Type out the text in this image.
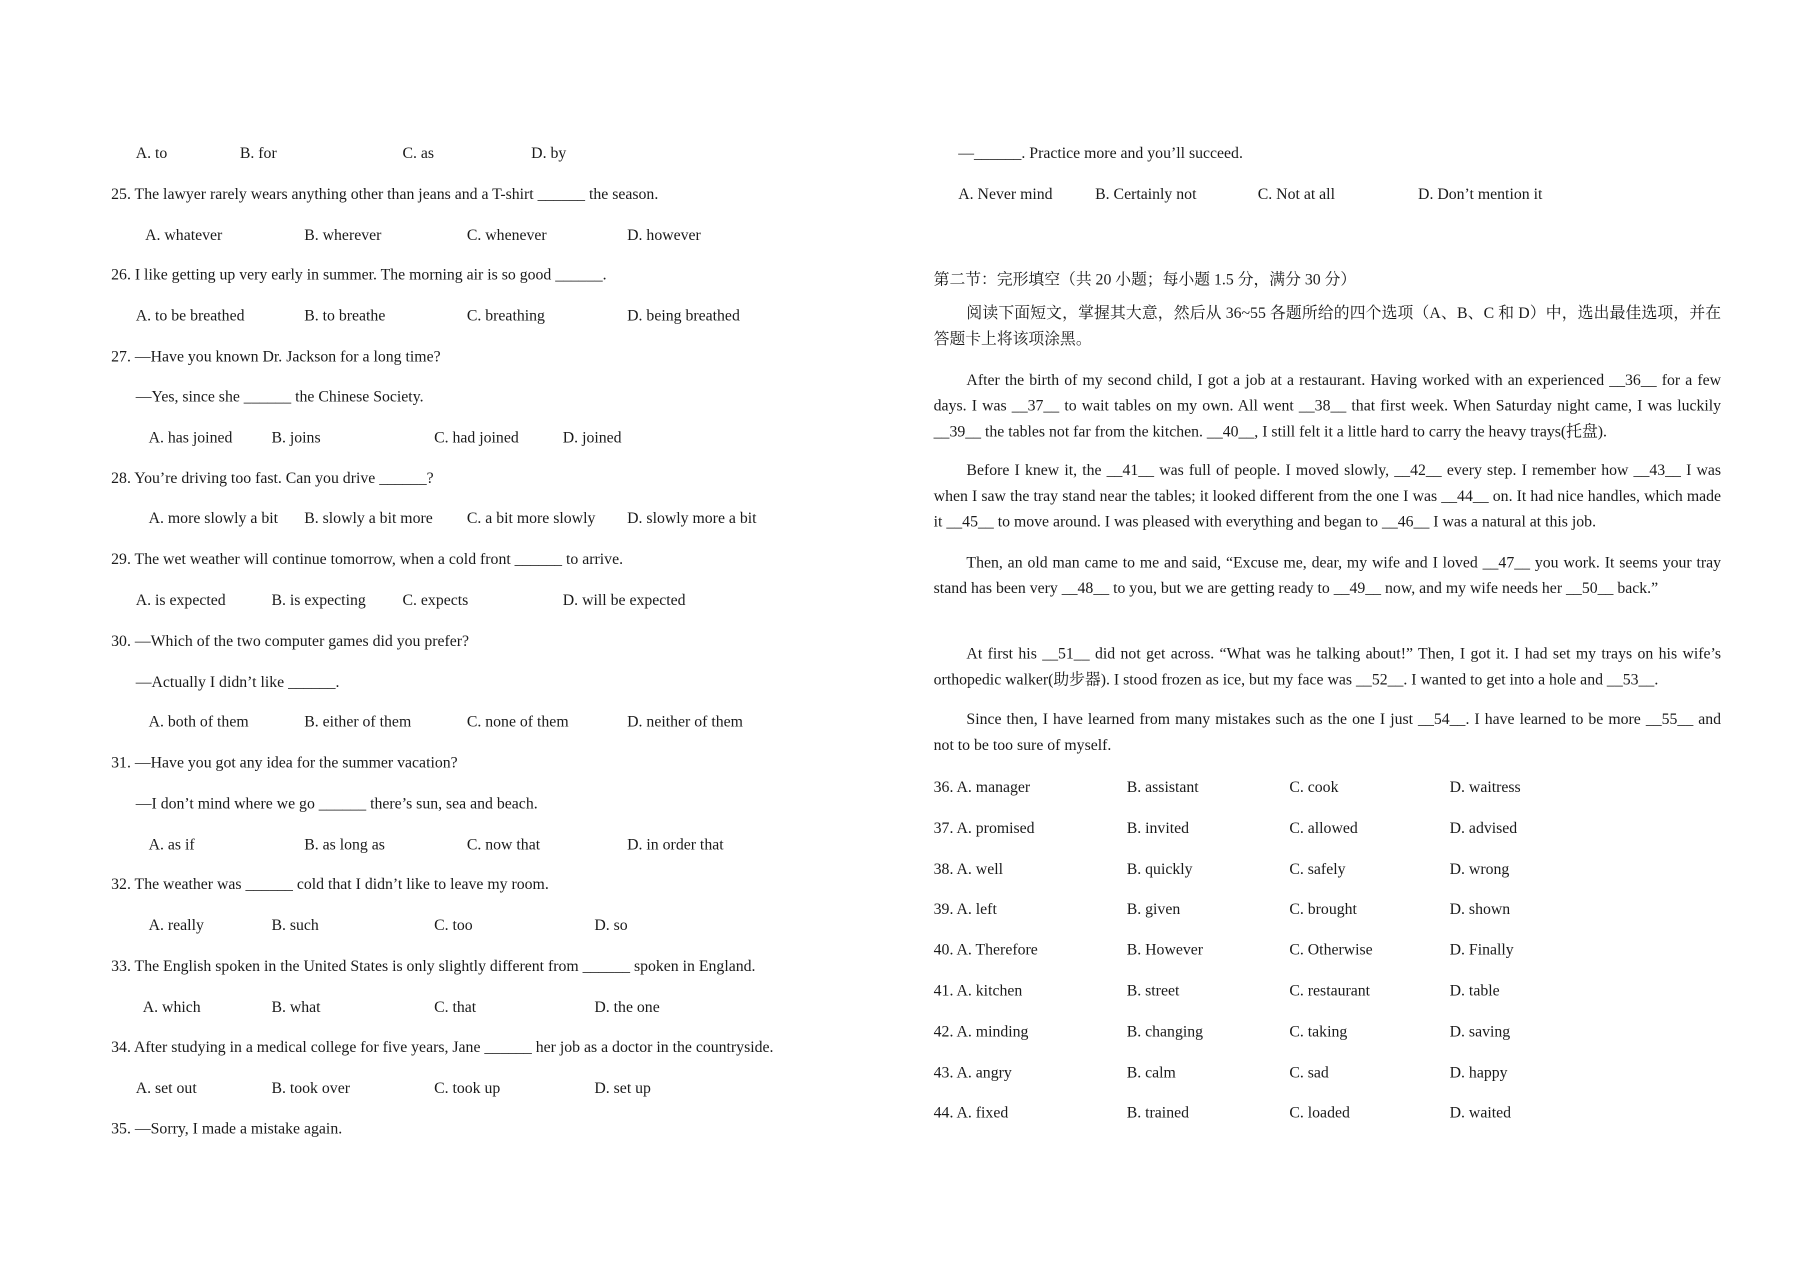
A. to	B. for	C. as	D. by
25. The lawyer rarely wears anything other than jeans and a T-shirt ______ the season.
A. whatever	B. wherever	C. whenever	D. however
26. I like getting up very early in summer. The morning air is so good ______.
A. to be breathed	B. to breathe	C. breathing	D. being breathed
27. —Have you known Dr. Jackson for a long time?
—Yes, since she ______ the Chinese Society.
A. has joined	B. joins	C. had joined	D. joined
28. You’re driving too fast. Can you drive ______?
A. more slowly a bit B. slowly a bit more	C. a bit more slowly D. slowly more a bit
29. The wet weather will continue tomorrow, when a cold front ______ to arrive.
A. is expected	B. is expecting	C. expects	D. will be expected
30. —Which of the two computer games did you prefer?
—Actually I didn’t like ______.
A. both of them	B. either of them	C. none of them	D. neither of them
31. —Have you got any idea for the summer vacation?
—I don’t mind where we go ______ there’s sun, sea and beach.
A. as if	B. as long as	C. now that	D. in order that
32. The weather was ______ cold that I didn’t like to leave my room.
A. really	B. such	C. too	D. so
33. The English spoken in the United States is only slightly different from ______ spoken in England.
A. which	B. what	C. that	D. the one
34. After studying in a medical college for five years, Jane ______ her job as a doctor in the countryside.
A. set out	B. took over	C. took up	D. set up
35. —Sorry, I made a mistake again.
—______. Practice more and you’ll succeed.
A. Never mind	B. Certainly not	C. Not at all	D. Don’t mention it
第二节：完形填空（共 20 小题；每小题 1.5 分，满分 30 分）
阅读下面短文，掌握其大意，然后从 36~55 各题所给的四个选项（A、B、C 和 D）中，选出最佳选项，并在答题卡上将该项涂黑。
After the birth of my second child, I got a job at a restaurant. Having worked with an experienced __36__ for a few days. I was __37__ to wait tables on my own. All went __38__ that first week. When Saturday night came, I was luckily __39__ the tables not far from the kitchen. __40__, I still felt it a little hard to carry the heavy trays(托盘).
Before I knew it, the __41__ was full of people. I moved slowly, __42__ every step. I remember how __43__ I was when I saw the tray stand near the tables; it looked different from the one I was __44__ on. It had nice handles, which made it __45__ to move around. I was pleased with everything and began to __46__ I was a natural at this job.
Then, an old man came to me and said, “Excuse me, dear, my wife and I loved __47__ you work. It seems your tray stand has been very __48__ to you, but we are getting ready to __49__ now, and my wife needs her __50__ back.”
At first his __51__ did not get across. “What was he talking about!” Then, I got it. I had set my trays on his wife’s orthopedic walker(助步器). I stood frozen as ice, but my face was __52__. I wanted to get into a hole and __53__.
Since then, I have learned from many mistakes such as the one I just __54__. I have learned to be more __55__ and not to be too sure of myself.
36. A. manager	B. assistant	C. cook	D. waitress
37. A. promised	B. invited	C. allowed	D. advised
38. A. well	B. quickly	C. safely	D. wrong
39. A. left	B. given	C. brought	D. shown
40. A. Therefore	B. However	C. Otherwise	D. Finally
41. A. kitchen	B. street	C. restaurant	D. table
42. A. minding	B. changing	C. taking	D. saving
43. A. angry	B. calm	C. sad	D. happy
44. A. fixed	B. trained	C. loaded	D. waited
